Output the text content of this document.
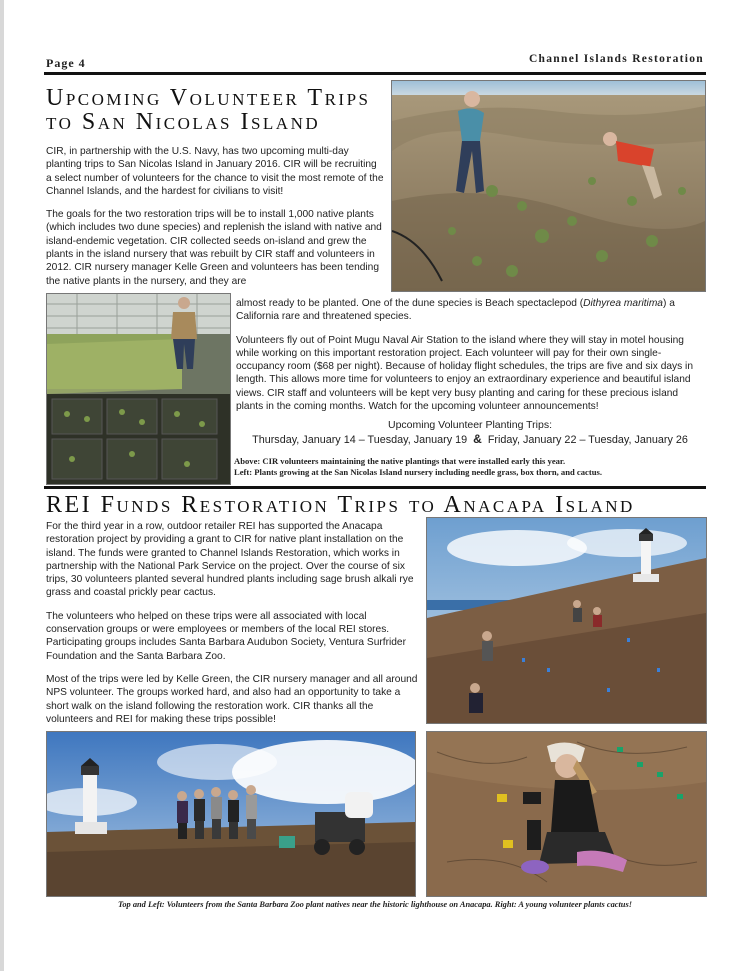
Page 4	Channel Islands Restoration
Upcoming Volunteer Trips
to San Nicolas Island

CIR, in partnership with the U.S. Navy, has two upcoming multi-day planting trips to San Nicolas Island in January 2016. CIR will be recruiting a select number of volunteers for the chance to visit the most remote of the Channel Islands, and the hardest for civilians to visit!

The goals for the two restoration trips will be to install 1,000 native plants (which includes two dune species) and replenish the island with native and island-endemic vegetation. CIR collected seeds on-island and grew the plants in the island nursery that was rebuilt by CIR staff and volunteers in 2012. CIR nursery manager Kelle Green and volunteers has been tending the native plants in the nursery, and they are

almost ready to be planted. One of the dune species is Beach spectaclepod (Dithyrea maritima) a California rare and threatened species.

Volunteers fly out of Point Mugu Naval Air Station to the island where they will stay in motel housing while working on this important restoration project. Each volunteer will pay for their own single-occupancy room ($68 per night). Because of holiday flight schedules, the trips are five and six days in length. This allows more time for volunteers to enjoy an extraordinary experience and beautiful island views. CIR staff and volunteers will be kept very busy planting and caring for these precious island plants in the coming months. Watch for the upcoming volunteer announcements!

Upcoming Volunteer Planting Trips:
Thursday, January 14 – Tuesday, January 19 & Friday, January 22 – Tuesday, January 26
Above: CIR volunteers maintaining the native plantings that were installed early this year.
Left: Plants growing at the San Nicolas Island nursery including needle grass, box thorn, and cactus.
REI Funds Restoration Trips to Anacapa Island

For the third year in a row, outdoor retailer REI has supported the Anacapa restoration project by providing a grant to CIR for native plant installation on the island. The funds were granted to Channel Islands Restoration, which works in partnership with the National Park Service on the project. Over the course of six trips, 30 volunteers planted several hundred plants including sage brush alkali rye grass and coastal prickly pear cactus.

The volunteers who helped on these trips were all associated with local conservation groups or were employees or members of the local REI stores. Participating groups includes Santa Barbara Audubon Society, Ventura Surfrider Foundation and the Santa Barbara Zoo.

Most of the trips were led by Kelle Green, the CIR nursery manager and all around NPS volunteer. The groups worked hard, and also had an opportunity to take a short walk on the island following the restoration work. CIR thanks all the volunteers and REI for making these trips possible!

Top and Left: Volunteers from the Santa Barbara Zoo plant natives near the historic lighthouse on Anacapa. Right: A young volunteer plants cactus!
